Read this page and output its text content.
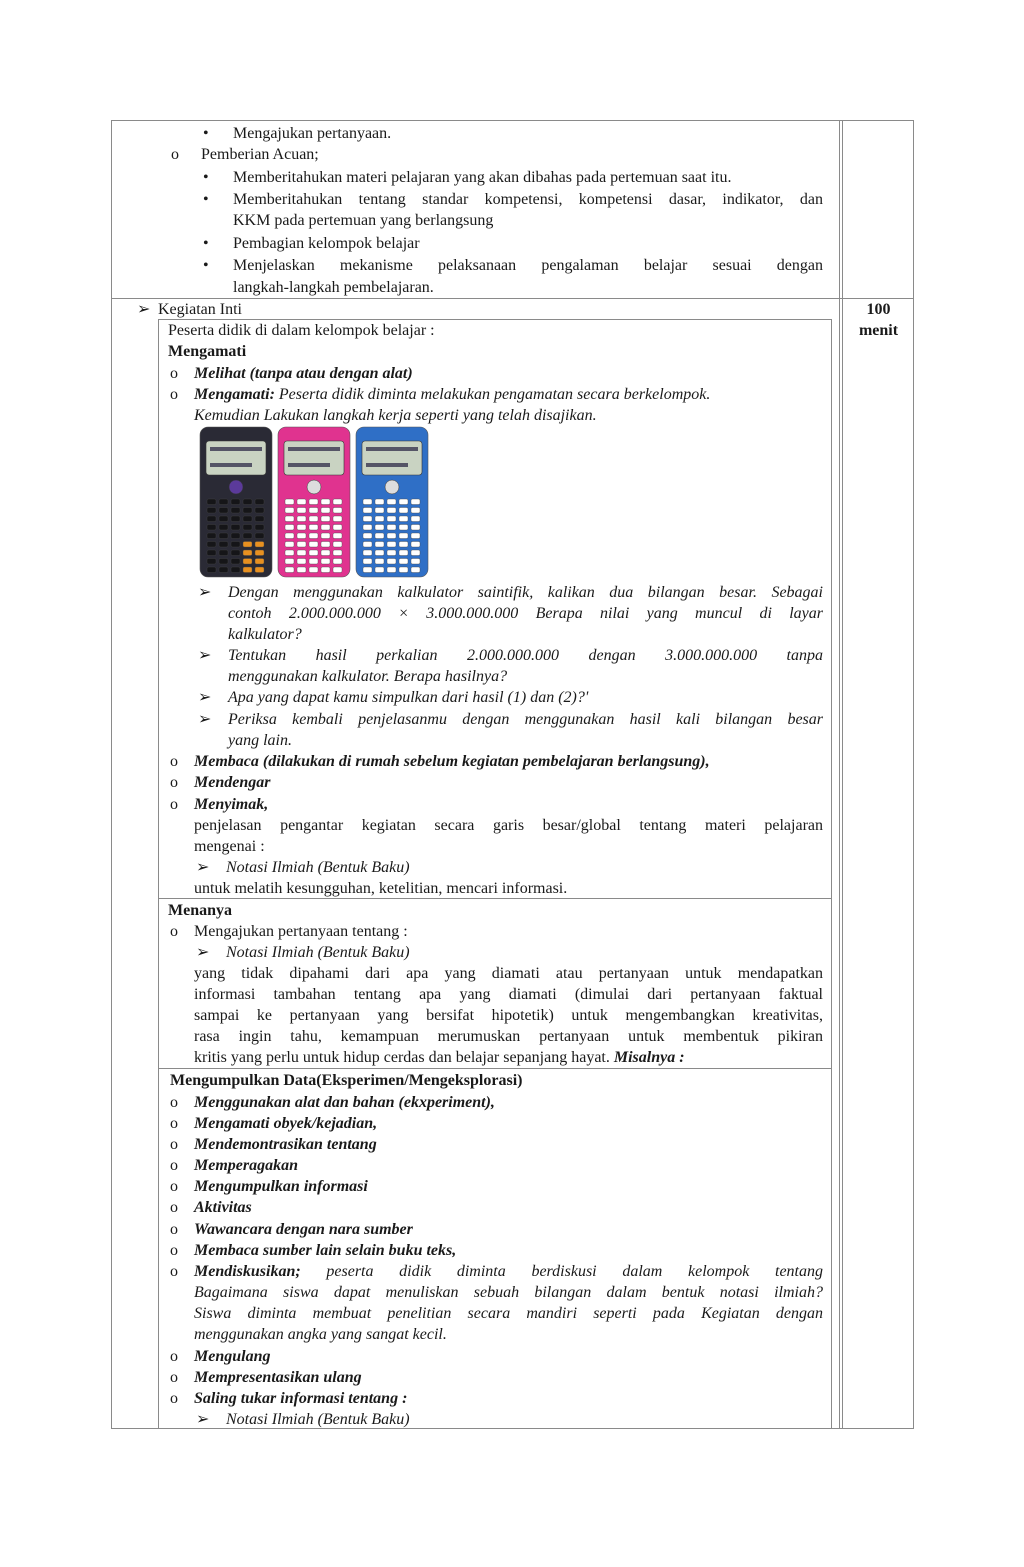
• Mengajukan pertanyaan.
o Pemberian Acuan;
• Memberitahukan materi pelajaran yang akan dibahas pada pertemuan saat itu.
• Memberitahukan tentang standar kompetensi, kompetensi dasar, indikator, dan
KKM pada pertemuan yang berlangsung
• Pembagian kelompok belajar
• Menjelaskan mekanisme pelaksanaan pengalaman belajar sesuai dengan
langkah-langkah pembelajaran.
➢ Kegiatan Inti	100
menit
Peserta didik di dalam kelompok belajar :
Mengamati
o Melihat (tanpa atau dengan alat)
o Mengamati: Peserta didik diminta melakukan pengamatan secara berkelompok.
Kemudian Lakukan langkah kerja seperti yang telah disajikan.
➢ Dengan menggunakan kalkulator saintifik, kalikan dua bilangan besar. Sebagai
contoh 2.000.000.000 × 3.000.000.000 Berapa nilai yang muncul di layar
kalkulator?
➢ Tentukan hasil perkalian 2.000.000.000 dengan 3.000.000.000 tanpa
menggunakan kalkulator. Berapa hasilnya?
➢ Apa yang dapat kamu simpulkan dari hasil (1) dan (2)?'
➢ Periksa kembali penjelasanmu dengan menggunakan hasil kali bilangan besar
yang lain.
o Membaca (dilakukan di rumah sebelum kegiatan pembelajaran berlangsung),
o Mendengar
o Menyimak,
penjelasan pengantar kegiatan secara garis besar/global tentang materi pelajaran
mengenai :
➢ Notasi Ilmiah (Bentuk Baku)
untuk melatih kesungguhan, ketelitian, mencari informasi.
Menanya
o Mengajukan pertanyaan tentang :
➢ Notasi Ilmiah (Bentuk Baku)
yang tidak dipahami dari apa yang diamati atau pertanyaan untuk mendapatkan
informasi tambahan tentang apa yang diamati (dimulai dari pertanyaan faktual
sampai ke pertanyaan yang bersifat hipotetik) untuk mengembangkan kreativitas,
rasa ingin tahu, kemampuan merumuskan pertanyaan untuk membentuk pikiran
kritis yang perlu untuk hidup cerdas dan belajar sepanjang hayat. Misalnya :
Mengumpulkan Data(Eksperimen/Mengeksplorasi)
o Menggunakan alat dan bahan (ekxperiment),
o Mengamati obyek/kejadian,
o Mendemontrasikan tentang
o Memperagakan
o Mengumpulkan informasi
o Aktivitas
o Wawancara dengan nara sumber
o Membaca sumber lain selain buku teks,
o Mendiskusikan; peserta didik diminta berdiskusi dalam kelompok tentang
Bagaimana siswa dapat menuliskan sebuah bilangan dalam bentuk notasi ilmiah?
Siswa diminta membuat penelitian secara mandiri seperti pada Kegiatan dengan
menggunakan angka yang sangat kecil.
o Mengulang
o Mempresentasikan ulang
o Saling tukar informasi tentang :
➢ Notasi Ilmiah (Bentuk Baku)
